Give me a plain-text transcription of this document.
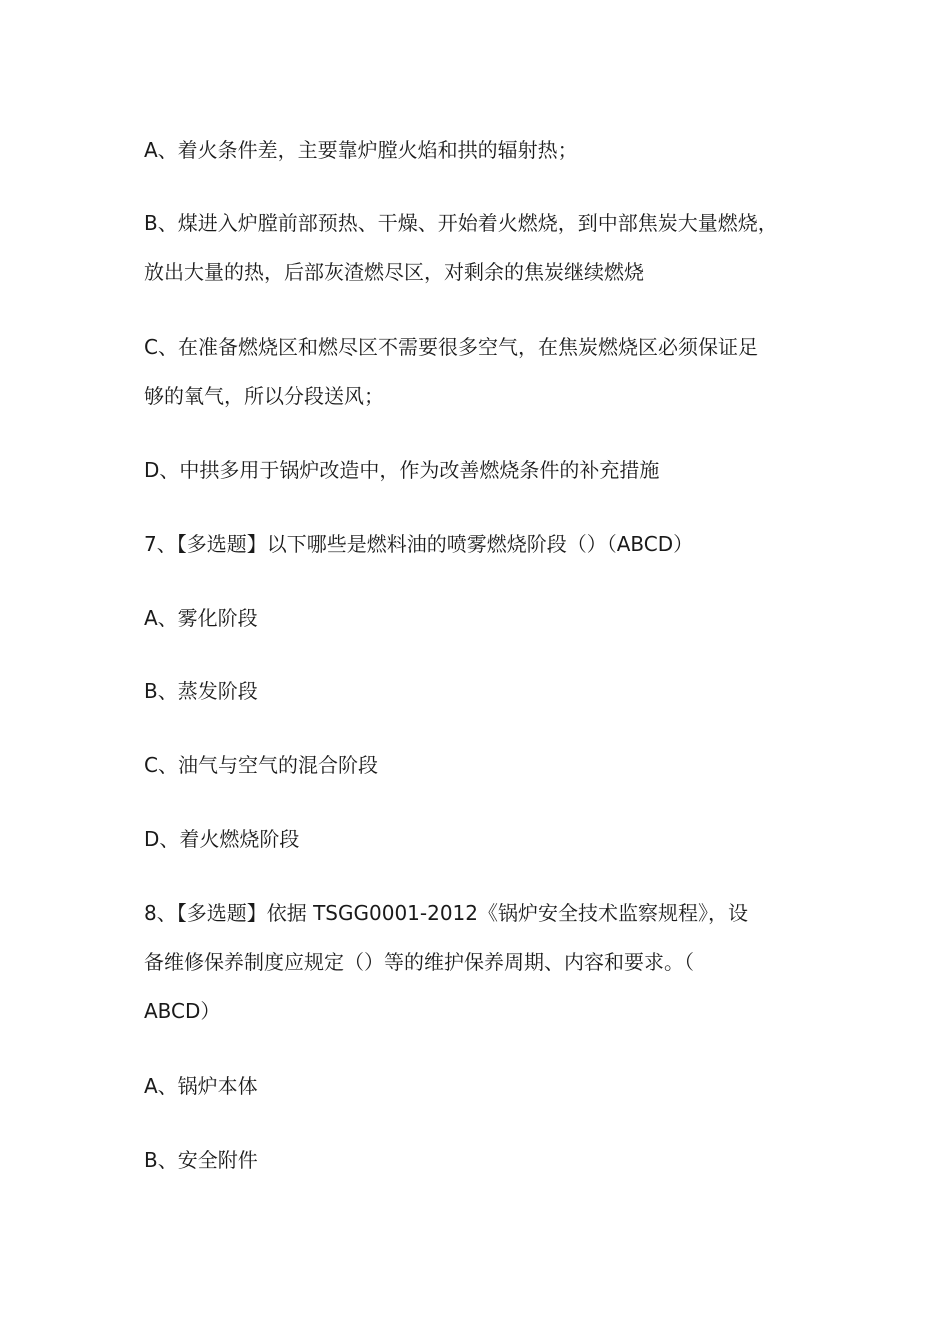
A、着火条件差，主要靠炉膛火焰和拱的辐射热；
B、煤进入炉膛前部预热、干燥、开始着火燃烧，到中部焦炭大量燃烧，
放出大量的热，后部灰渣燃尽区，对剩余的焦炭继续燃烧
C、在准备燃烧区和燃尽区不需要很多空气，在焦炭燃烧区必须保证足
够的氧气，所以分段送风；
D、中拱多用于锅炉改造中，作为改善燃烧条件的补充措施
7、【多选题】以下哪些是燃料油的喷雾燃烧阶段（）（ABCD）
A、雾化阶段
B、蒸发阶段
C、油气与空气的混合阶段
D、着火燃烧阶段
8、【多选题】依据 TSGG0001-2012《锅炉安全技术监察规程》，设
备维修保养制度应规定（）等的维护保养周期、内容和要求。（
ABCD）
A、锅炉本体
B、安全附件
